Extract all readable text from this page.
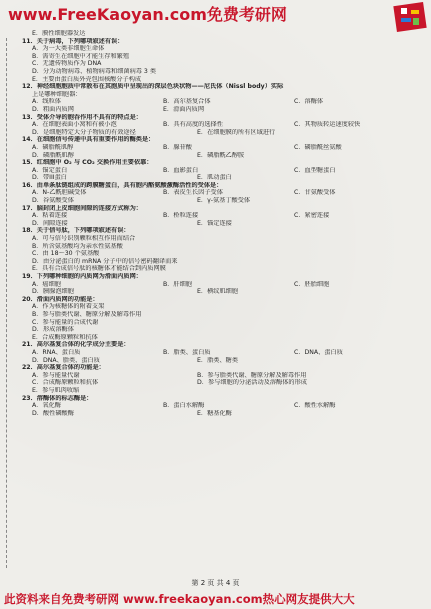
www.FreeKaoyan.com免费考研网
E．膜性细胞器发达
11．关于病毒，下列哪项叙述有误：
A．为一大类非细胞生命体
B．需寄生在细胞中才能生存和繁殖
C．无遗传物质作为 DNA
D．分为动物病毒、植物病毒和细菌病毒 3 类
E．主要由蛋白质外壳包围核酸分子构成
12．神经细胞胞质中常散布在其胞质中呈现出的深层色块状物——尼氏体（Nissl body）实际
上是哪种细胞器：
A．线粒体	B．高尔基复合体	C．溶酶体
D．粗面内质网	E．滑面内质网
13．受体介导的胞吞作用不具有的特点是：
A．在细胞表面小窝和有被小泡	B．具有高度的选择性	C．其物质转运速度较快
D．是细胞特定大分子物质的有效途径	E．在细胞膜的所有区域进行
14．在细胞信号传递中具有重要作用的酶类是：
A．磷脂酰肌醇	B．腺苷酸	C．磷脂酰丝氨酸
D．磷脂酰肌醇	E．磷脂酰乙醇胺
15．红细胞中 O₂ 与 CO₂ 交换作用主要依靠：
A．锚定蛋白	B．血影蛋白	C．血型糖蛋白
D．带III蛋白	E．肌动蛋白
16．由单条肽链组成的跨膜糖蛋白，具有胞内酪氨酸激酶活性的受体是：
A．N-乙酰胆碱受体	B．表皮生长因子受体	C．甘氨酸受体
D．谷氨酸受体	E．γ-氨基丁酸受体
17．脑封闭上皮细胞间隙的连接方式称为：
A．粘着连接	B．桥粒连接	C．紧密连接
D．间隙连接	E．锚定连接
18．关于信号肽，下列哪项叙述有误：
A．可与信号识别颗粒相互作用而结合
B．所含氨基酸均为亲水性氨基酸
C．由 18～30 个氨基酸
D．由分泌蛋白的 mRNA 分子中的信号密码翻译而来
E．具有合成信号肽的核糖体才能结合到内质网膜
19．下列哪种细胞的内质网为滑面内质网：
A．癌细胞	B．肝细胞	C．胚胎细胞
D．胰腺泡细胞	E．横纹肌细胞
20．滑面内质网的功能是：
A．作为核糖体的附着支架
B．参与脂类代谢、糖原分解及解毒作用
C．参与能量的合成代谢
D．形成溶酶体
E．合成酶原颗粒和抗体
21．高尔基复合体的化学成分主要是：
A．RNA、蛋白质	B．脂类、蛋白质	C．DNA、蛋白质
D．DNA、脂类、蛋白质	E．脂类、糖类
22．高尔基复合体的功能是：
A．参与能量代谢	B．参与脂类代谢、糖原分解及解毒作用
C．合成酶原颗粒和抗体	D．参与细胞的分泌活动及溶酶体的形成
E．参与肌肉收缩
23．溶酶体的标志酶是：
A．氧化酶	B．蛋白水解酶	C．酸性水解酶
D．酸性磷酸酶	E．糖基化酶
第 2 页 共 4 页
此资料来自免费考研网 www.freekaoyan.com热心网友提供大大
